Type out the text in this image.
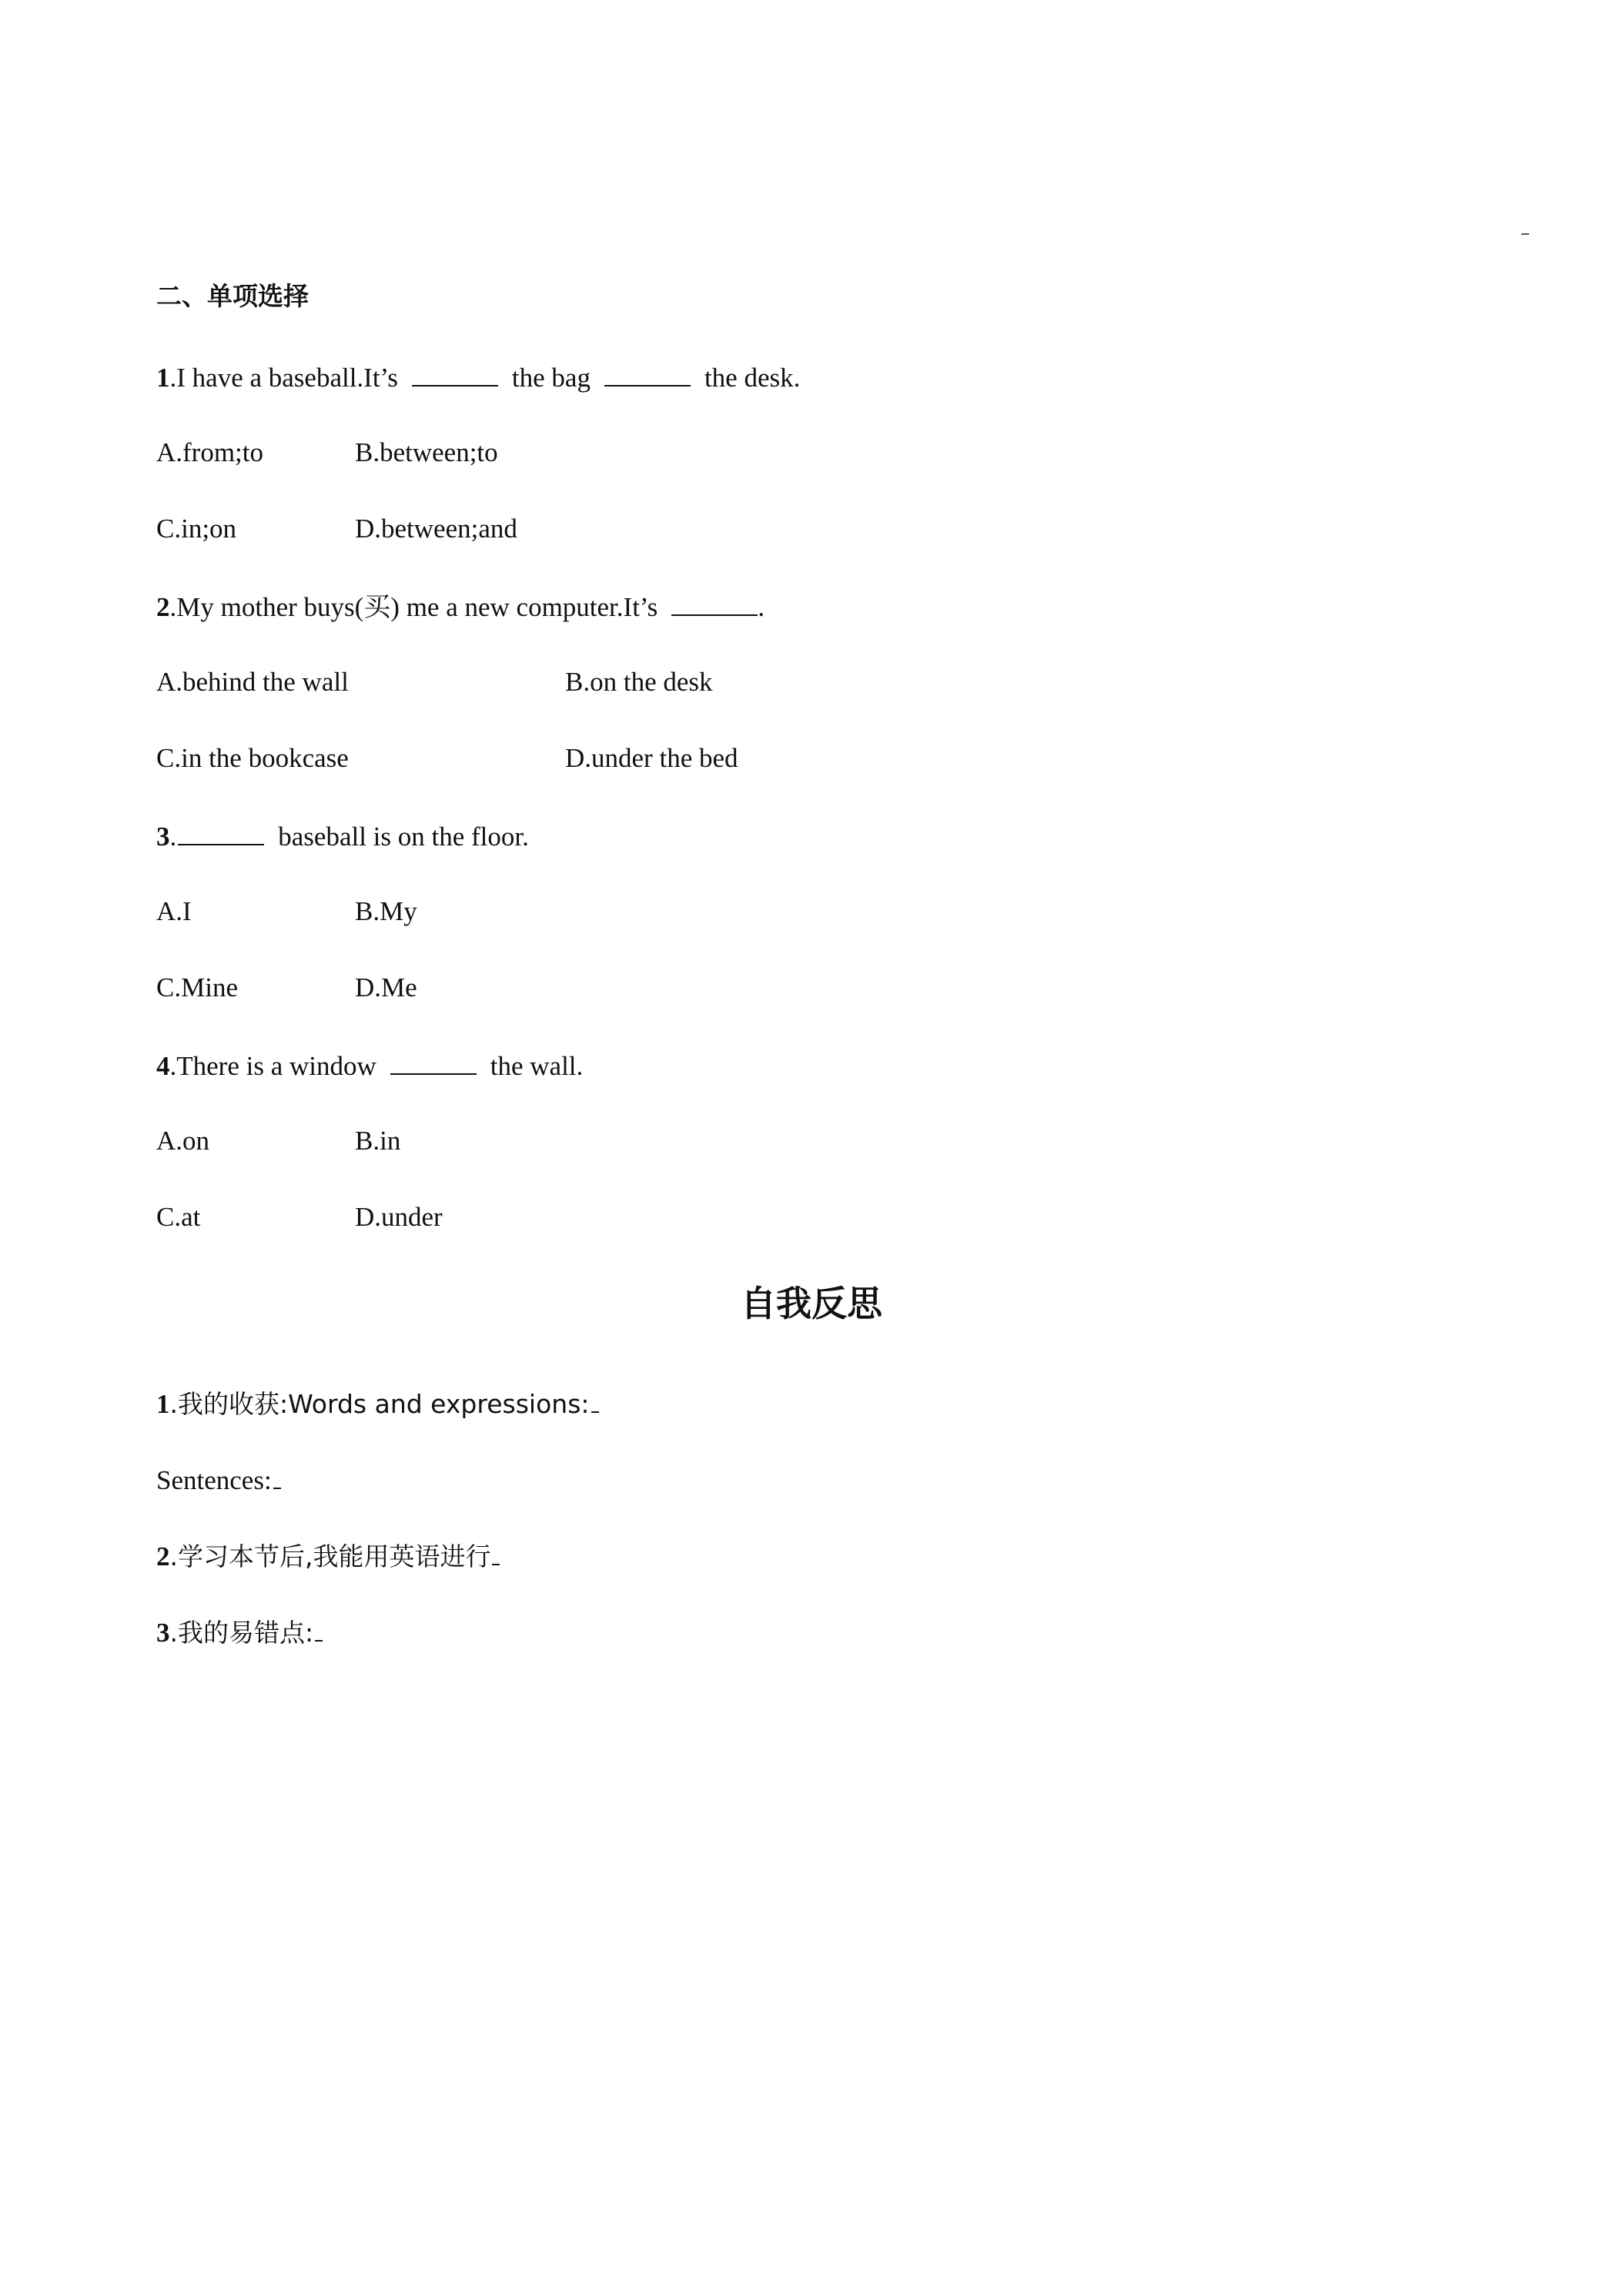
二、单项选择
1.I have a baseball.It’s	the bag	the desk.
A.from;to	B.between;to
C.in;on	D.between;and
2.My mother buys(买) me a new computer.It’s	.
A.behind the wall	B.on the desk
C.in the bookcase	D.under the bed
3.	baseball is on the floor.
A.I	B.My
C.Mine	D.Me
4.There is a window	the wall.
A.on	B.in
C.at	D.under
自我反思
1.我的收获:Words and expressions:
Sentences:
2.学习本节后,我能用英语进行
3.我的易错点:
